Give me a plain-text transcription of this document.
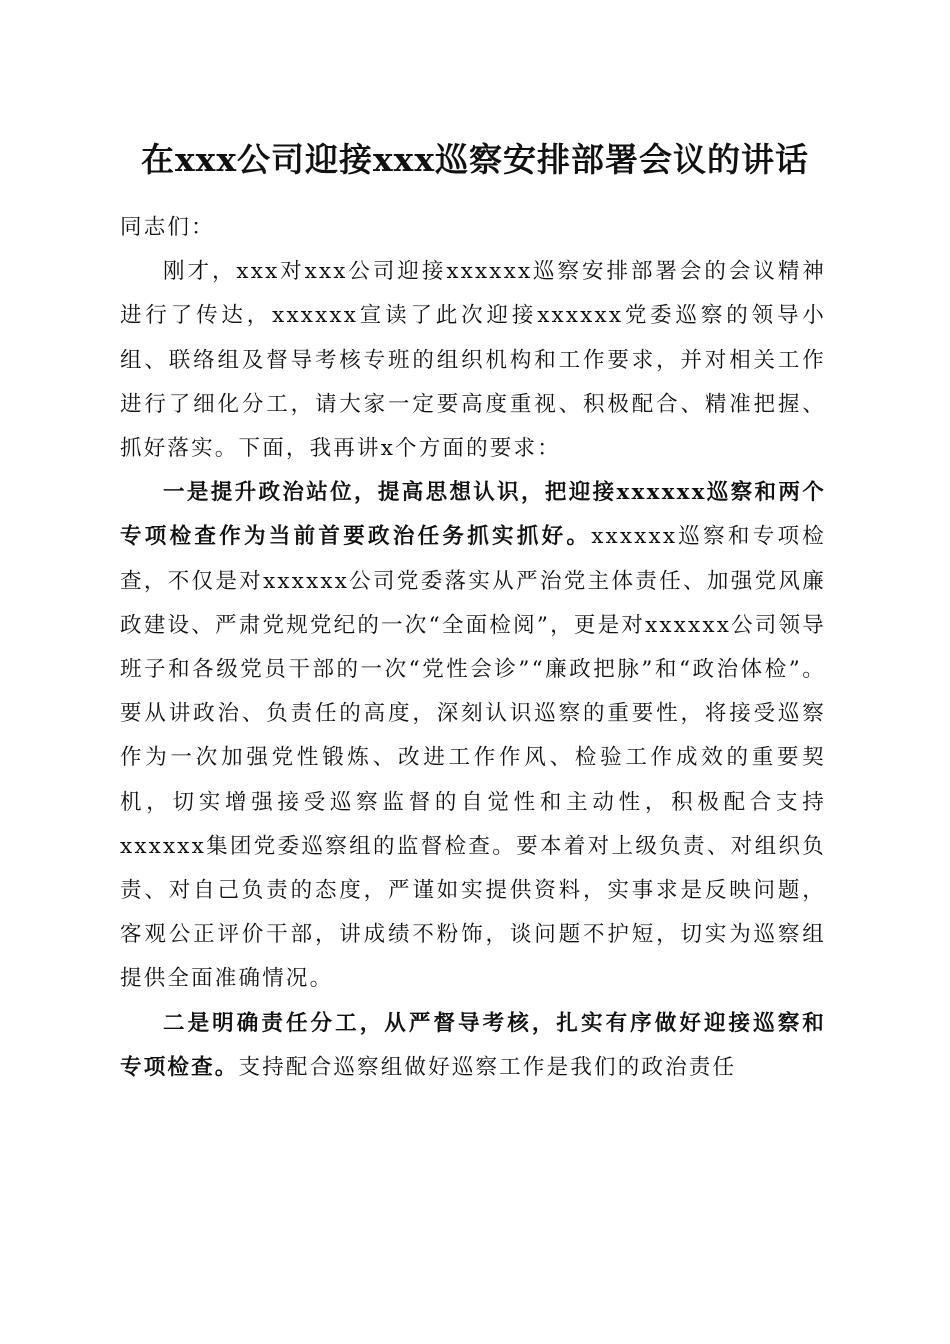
在xxx公司迎接xxx巡察安排部署会议的讲话

同志们：

刚才，xxx对xxx公司迎接xxxxxx巡察安排部署会的会议精神进行了传达，xxxxxx宣读了此次迎接xxxxxx党委巡察的领导小组、联络组及督导考核专班的组织机构和工作要求，并对相关工作进行了细化分工，请大家一定要高度重视、积极配合、精准把握、抓好落实。下面，我再讲x个方面的要求：

一是提升政治站位，提高思想认识，把迎接xxxxxx巡察和两个专项检查作为当前首要政治任务抓实抓好。xxxxxx巡察和专项检查，不仅是对xxxxxx公司党委落实从严治党主体责任、加强党风廉政建设、严肃党规党纪的一次“全面检阅”，更是对xxxxxx公司领导班子和各级党员干部的一次“党性会诊”“廉政把脉”和“政治体检”。要从讲政治、负责任的高度，深刻认识巡察的重要性，将接受巡察作为一次加强党性锻炼、改进工作作风、检验工作成效的重要契机，切实增强接受巡察监督的自觉性和主动性，积极配合支持xxxxxx集团党委巡察组的监督检查。要本着对上级负责、对组织负责、对自己负责的态度，严谨如实提供资料，实事求是反映问题，客观公正评价干部，讲成绩不粉饰，谈问题不护短，切实为巡察组提供全面准确情况。

二是明确责任分工，从严督导考核，扎实有序做好迎接巡察和专项检查。支持配合巡察组做好巡察工作是我们的政治责任
